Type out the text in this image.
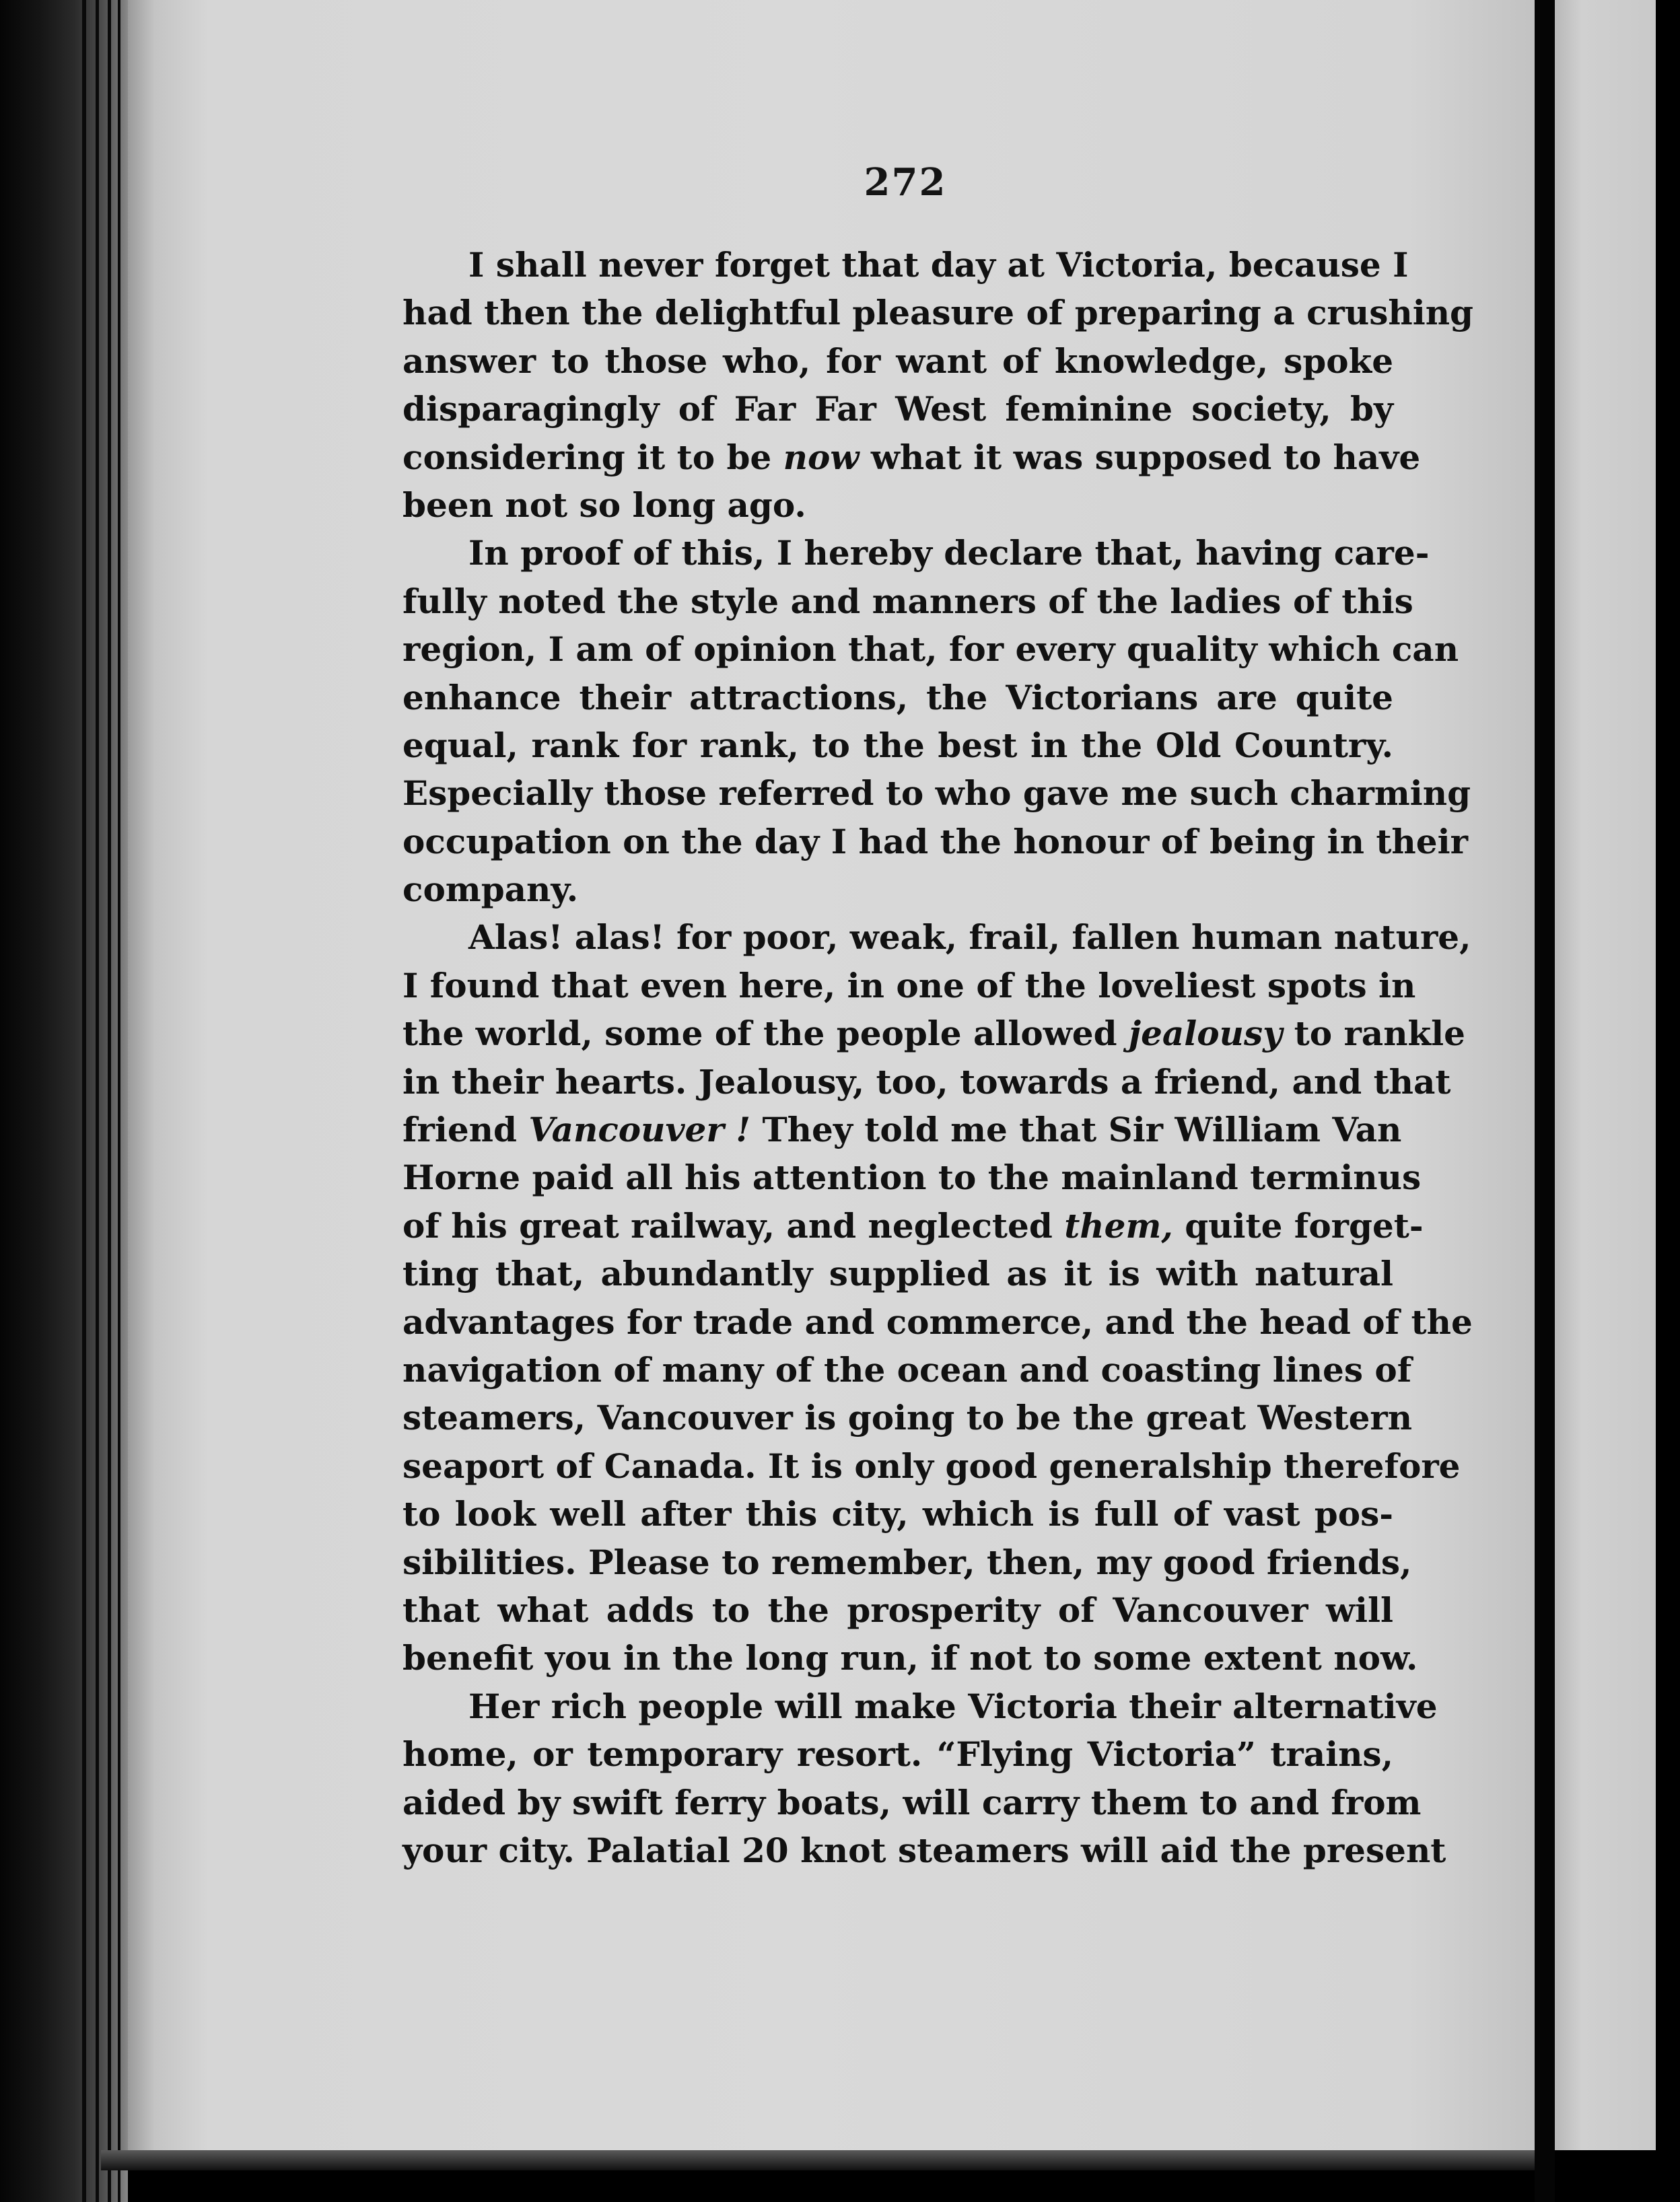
272
I shall never forget that day at Victoria, because I
had then the delightful pleasure of preparing a crushing
answer to those who, for want of knowledge, spoke
disparagingly of Far Far West feminine society, by
considering it to be now what it was supposed to have
been not so long ago.
In proof of this, I hereby declare that, having care-
fully noted the style and manners of the ladies of this
region, I am of opinion that, for every quality which can
enhance their attractions, the Victorians are quite
equal, rank for rank, to the best in the Old Country.
Especially those referred to who gave me such charming
occupation on the day I had the honour of being in their
company.
Alas! alas! for poor, weak, frail, fallen human nature,
I found that even here, in one of the loveliest spots in
the world, some of the people allowed jealousy to rankle
in their hearts. Jealousy, too, towards a friend, and that
friend Vancouver ! They told me that Sir William Van
Horne paid all his attention to the mainland terminus
of his great railway, and neglected them, quite forget-
ting that, abundantly supplied as it is with natural
advantages for trade and commerce, and the head of the
navigation of many of the ocean and coasting lines of
steamers, Vancouver is going to be the great Western
seaport of Canada. It is only good generalship therefore
to look well after this city, which is full of vast pos-
sibilities. Please to remember, then, my good friends,
that what adds to the prosperity of Vancouver will
benefit you in the long run, if not to some extent now.
Her rich people will make Victoria their alternative
home, or temporary resort. “Flying Victoria” trains,
aided by swift ferry boats, will carry them to and from
your city. Palatial 20 knot steamers will aid the present
